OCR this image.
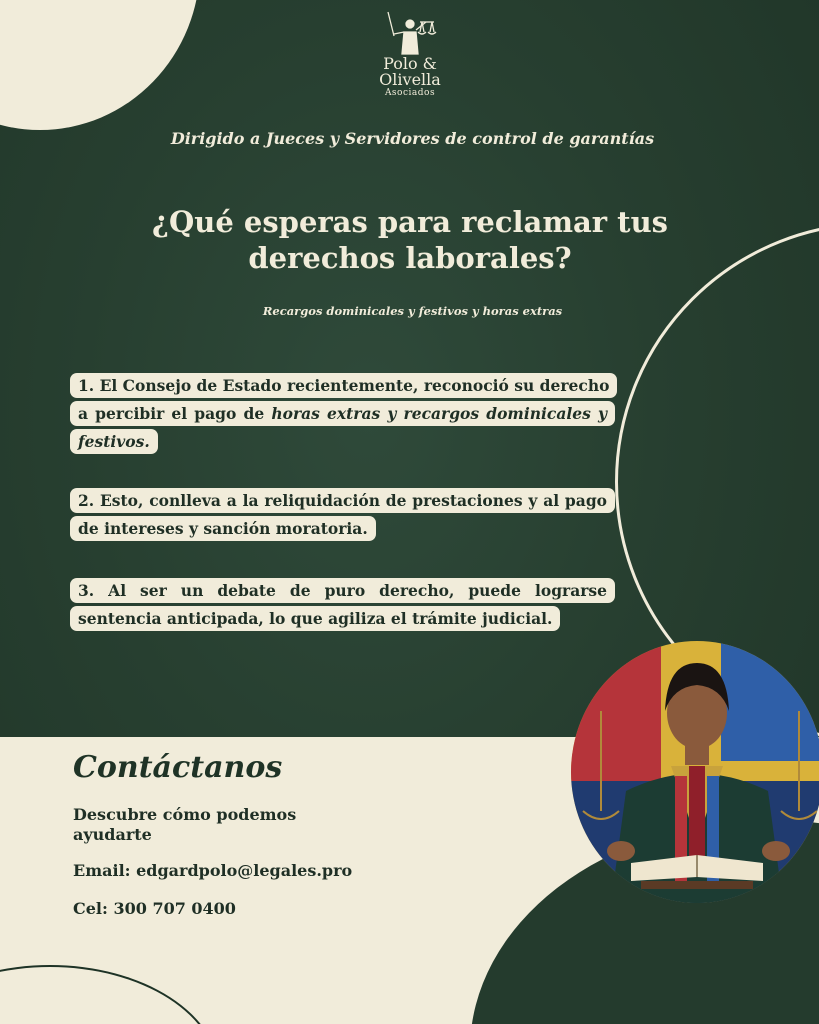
Polo &
Olivella
Asociados
Dirigido a Jueces y Servidores de control de garantías
¿Qué esperas para reclamar tus derechos laborales?
Recargos dominicales y festivos y horas extras
1. El Consejo de Estado recientemente, reconoció su derecho a percibir el pago de horas extras y recargos dominicales y festivos.
2. Esto, conlleva a la reliquidación de prestaciones y al pago de intereses y sanción moratoria.
3. Al ser un debate de puro derecho, puede lograrse sentencia anticipada, lo que agiliza el trámite judicial.
Contáctanos
Descubre cómo podemos ayudarte
Email: edgardpolo@legales.pro
Cel: 300 707 0400
